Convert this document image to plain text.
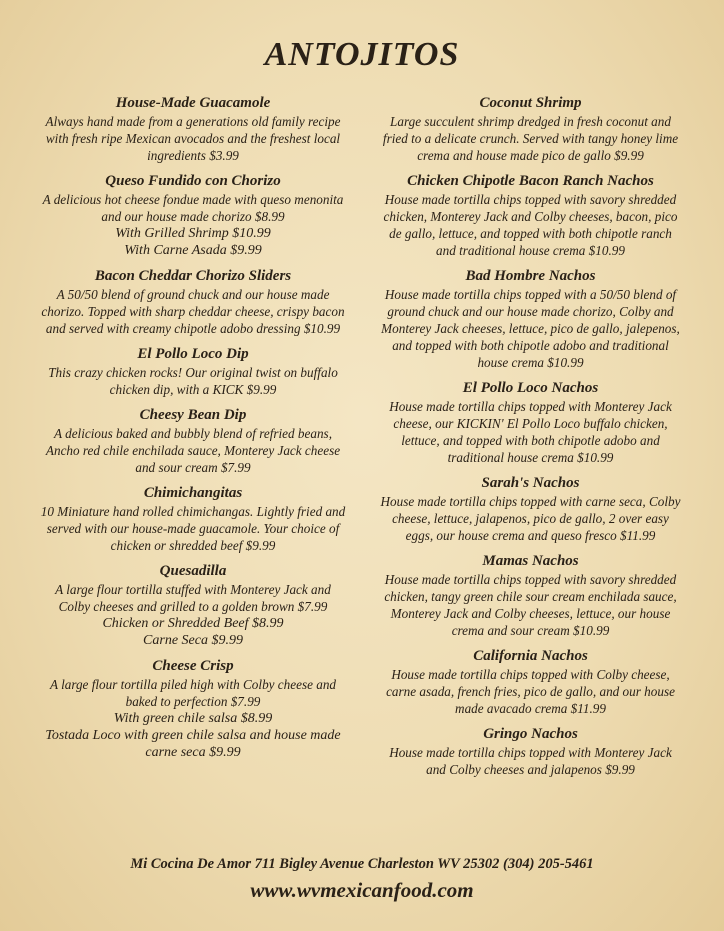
ANTOJITOS
House-Made Guacamole
Always hand made from a generations old family recipe with fresh ripe Mexican avocados and the freshest local ingredients $3.99
Queso Fundido con Chorizo
A delicious hot cheese fondue made with queso menonita and our house made chorizo $8.99
With Grilled Shrimp $10.99
With Carne Asada $9.99
Bacon Cheddar Chorizo Sliders
A 50/50 blend of ground chuck and our house made chorizo. Topped with sharp cheddar cheese, crispy bacon and served with creamy chipotle adobo dressing $10.99
El Pollo Loco Dip
This crazy chicken rocks! Our original twist on buffalo chicken dip, with a KICK $9.99
Cheesy Bean Dip
A delicious baked and bubbly blend of refried beans, Ancho red chile enchilada sauce, Monterey Jack cheese and sour cream $7.99
Chimichangitas
10 Miniature hand rolled chimichangas. Lightly fried and served with our house-made guacamole. Your choice of chicken or shredded beef $9.99
Quesadilla
A large flour tortilla stuffed with Monterey Jack and Colby cheeses and grilled to a golden brown $7.99
Chicken or Shredded Beef $8.99
Carne Seca $9.99
Cheese Crisp
A large flour tortilla piled high with Colby cheese and baked to perfection $7.99
With green chile salsa $8.99
Tostada Loco with green chile salsa and house made carne seca $9.99
Coconut Shrimp
Large succulent shrimp dredged in fresh coconut and fried to a delicate crunch. Served with tangy honey lime crema and house made pico de gallo $9.99
Chicken Chipotle Bacon Ranch Nachos
House made tortilla chips topped with savory shredded chicken, Monterey Jack and Colby cheeses, bacon, pico de gallo, lettuce, and topped with both chipotle ranch and traditional house crema $10.99
Bad Hombre Nachos
House made tortilla chips topped with a 50/50 blend of ground chuck and our house made chorizo, Colby and Monterey Jack cheeses, lettuce, pico de gallo, jalepenos, and topped with both chipotle adobo and traditional house crema $10.99
El Pollo Loco Nachos
House made tortilla chips topped with Monterey Jack cheese, our KICKIN' El Pollo Loco buffalo chicken, lettuce, and topped with both chipotle adobo and traditional house crema $10.99
Sarah's Nachos
House made tortilla chips topped with carne seca, Colby cheese, lettuce, jalapenos, pico de gallo, 2 over easy eggs, our house crema and queso fresco $11.99
Mamas Nachos
House made tortilla chips topped with savory shredded chicken, tangy green chile sour cream enchilada sauce, Monterey Jack and Colby cheeses, lettuce, our house crema and sour cream $10.99
California Nachos
House made tortilla chips topped with Colby cheese, carne asada, french fries, pico de gallo, and our house made avacado crema $11.99
Gringo Nachos
House made tortilla chips topped with Monterey Jack and Colby cheeses and jalapenos $9.99
Mi Cocina De Amor 711 Bigley Avenue Charleston WV 25302 (304) 205-5461
www.wvmexicanfood.com
